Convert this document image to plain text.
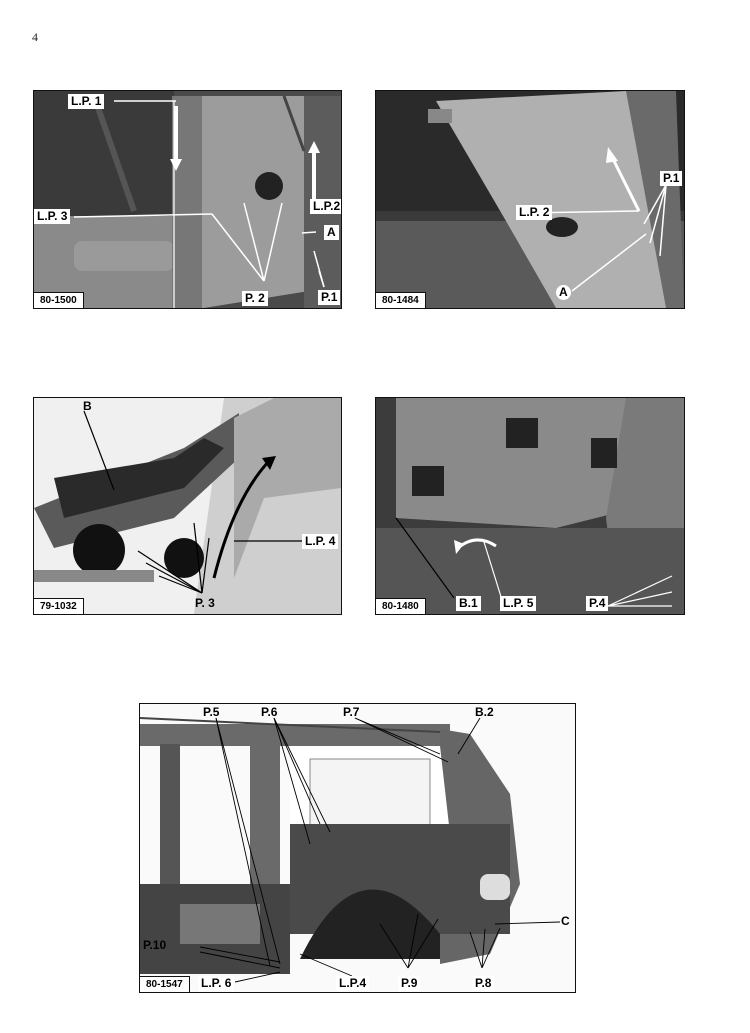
4
L.P. 1
L.P.2
L.P. 3
A
P. 2	P.1
80-1500
P.1
L.P. 2
A
80-1484
B
L.P. 4
P. 3
79-1032	B.1 L.P. 5	P.4
80-1480
P.5	P.6	P.7	B.2
C
P.10
L.P. 6	L.P.4	P.9	P.8
80-1547
